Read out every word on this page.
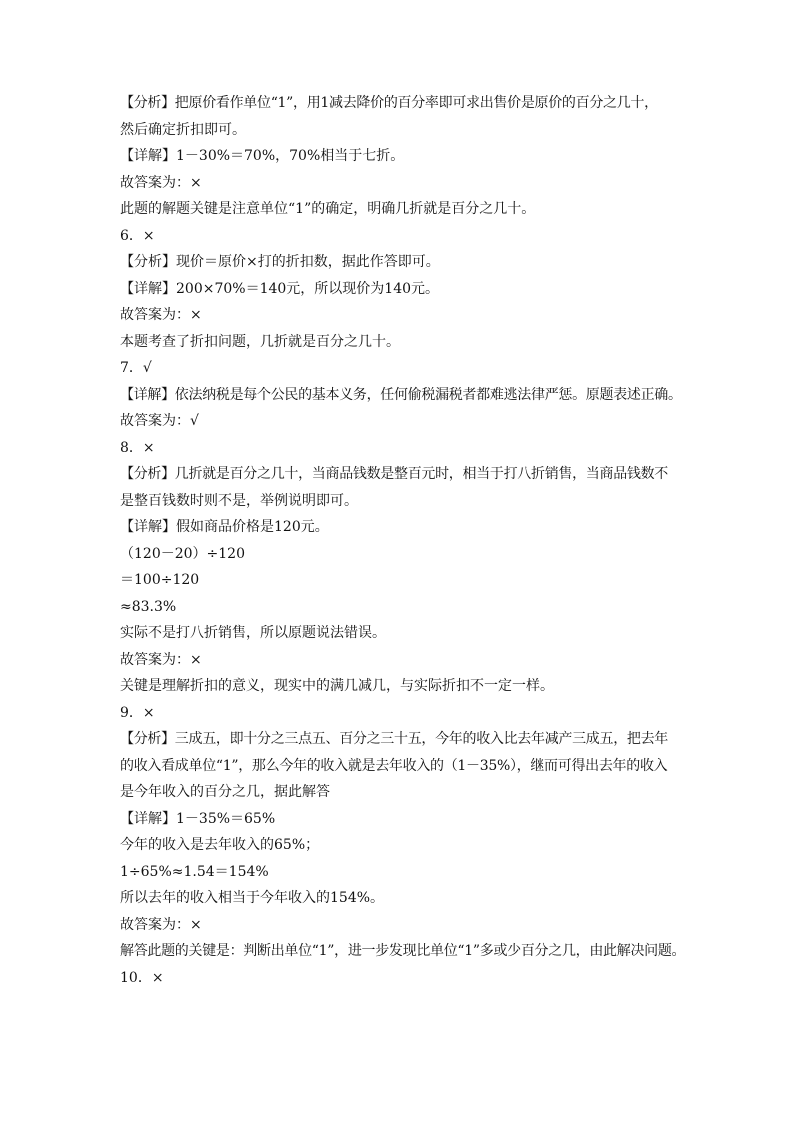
【分析】把原价看作单位“1”，用1减去降价的百分率即可求出售价是原价的百分之几十，
然后确定折扣即可。
【详解】1－30%＝70%，70%相当于七折。
故答案为：×
此题的解题关键是注意单位“1”的确定，明确几折就是百分之几十。
6．×
【分析】现价＝原价×打的折扣数，据此作答即可。
【详解】200×70%＝140元，所以现价为140元。
故答案为：×
本题考查了折扣问题，几折就是百分之几十。
7．√
【详解】依法纳税是每个公民的基本义务，任何偷税漏税者都难逃法律严惩。原题表述正确。
故答案为：√
8．×
【分析】几折就是百分之几十，当商品钱数是整百元时，相当于打八折销售，当商品钱数不
是整百钱数时则不是，举例说明即可。
【详解】假如商品价格是120元。
（120－20）÷120
＝100÷120
≈83.3%
实际不是打八折销售，所以原题说法错误。
故答案为：×
关键是理解折扣的意义，现实中的满几减几，与实际折扣不一定一样。
9．×
【分析】三成五，即十分之三点五、百分之三十五，今年的收入比去年减产三成五，把去年
的收入看成单位“1”，那么今年的收入就是去年收入的（1－35%），继而可得出去年的收入
是今年收入的百分之几，据此解答
【详解】1－35%＝65%
今年的收入是去年收入的65%；
1÷65%≈1.54＝154%
所以去年的收入相当于今年收入的154%。
故答案为：×
解答此题的关键是：判断出单位“1”，进一步发现比单位“1”多或少百分之几，由此解决问题。
10．×
